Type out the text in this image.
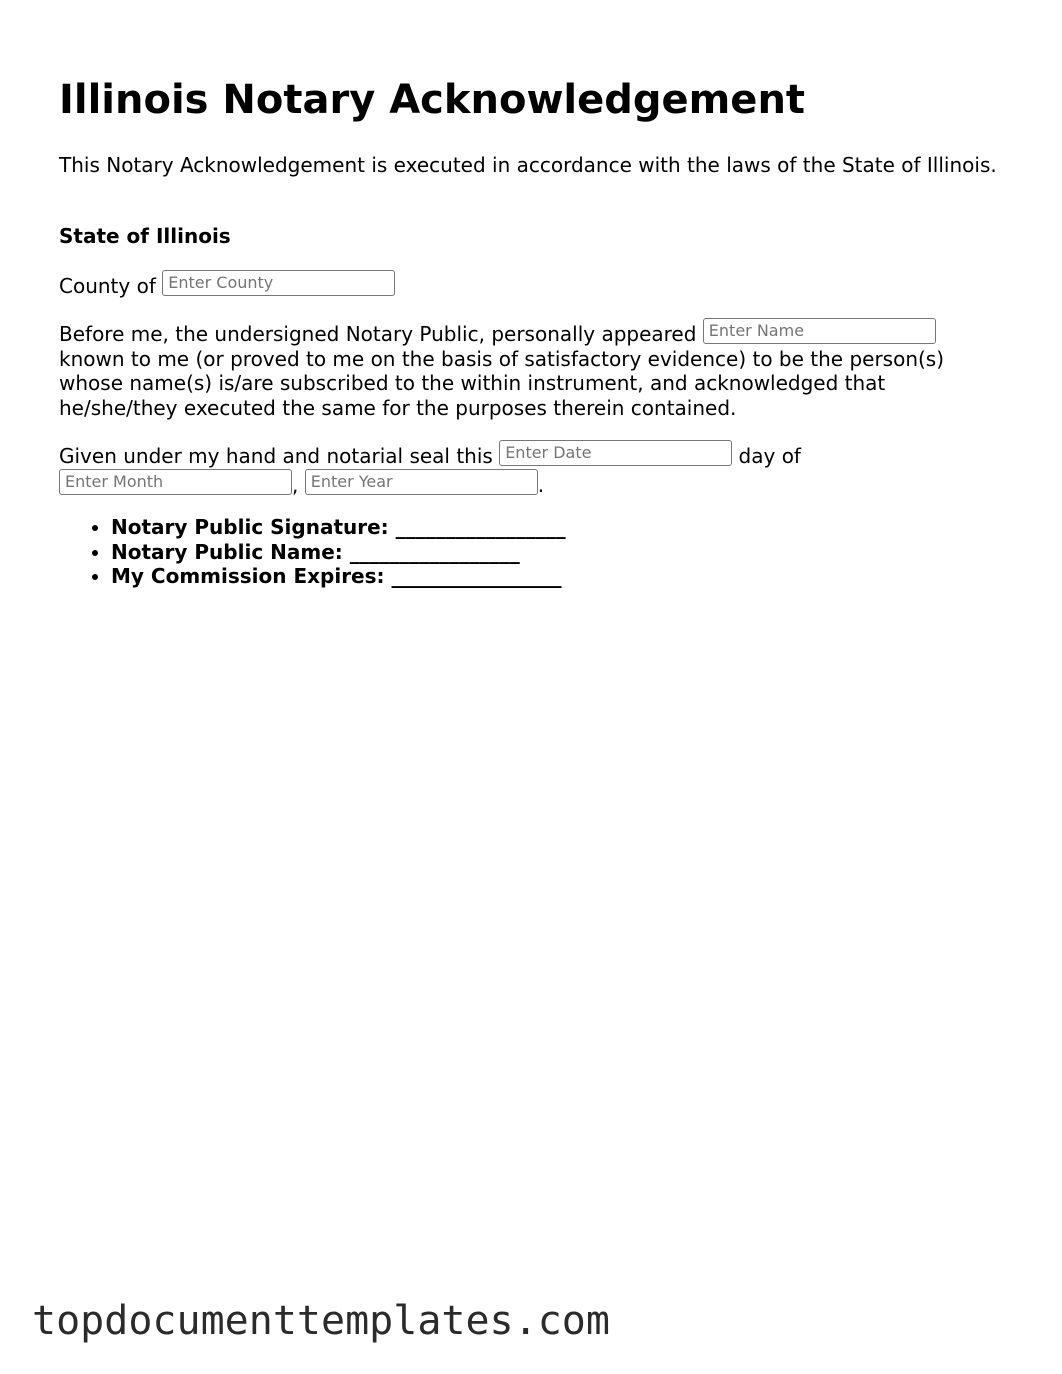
Illinois Notary Acknowledgement

This Notary Acknowledgement is executed in accordance with the laws of the State of Illinois.

State of Illinois

County of Enter County

Before me, the undersigned Notary Public, personally appeared Enter Name known to me (or proved to me on the basis of satisfactory evidence) to be the person(s) whose name(s) is/are subscribed to the within instrument, and acknowledged that he/she/they executed the same for the purposes therein contained.

Given under my hand and notarial seal this Enter Date	day of
Enter Month	, Enter Year	.

• Notary Public Signature: _________________
• Notary Public Name: _________________
• My Commission Expires: _________________
topdocumenttemplates.com
